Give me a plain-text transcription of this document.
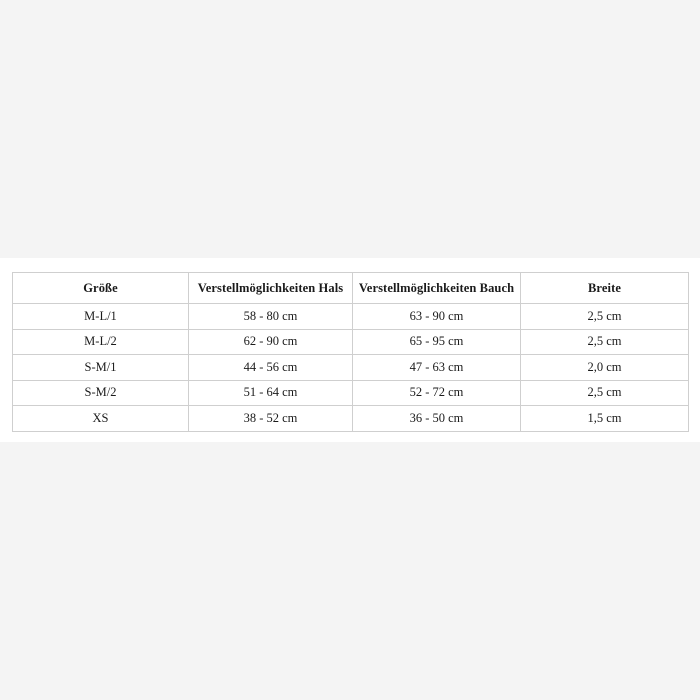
Größe	Verstellmöglichkeiten Hals	Verstellmöglichkeiten Bauch	Breite
M-L/1	58 - 80 cm	63 - 90 cm	2,5 cm
M-L/2	62 - 90 cm	65 - 95 cm	2,5 cm
S-M/1	44 - 56 cm	47 - 63 cm	2,0 cm
S-M/2	51 - 64 cm	52 - 72 cm	2,5 cm
XS	38 - 52 cm	36 - 50 cm	1,5 cm
